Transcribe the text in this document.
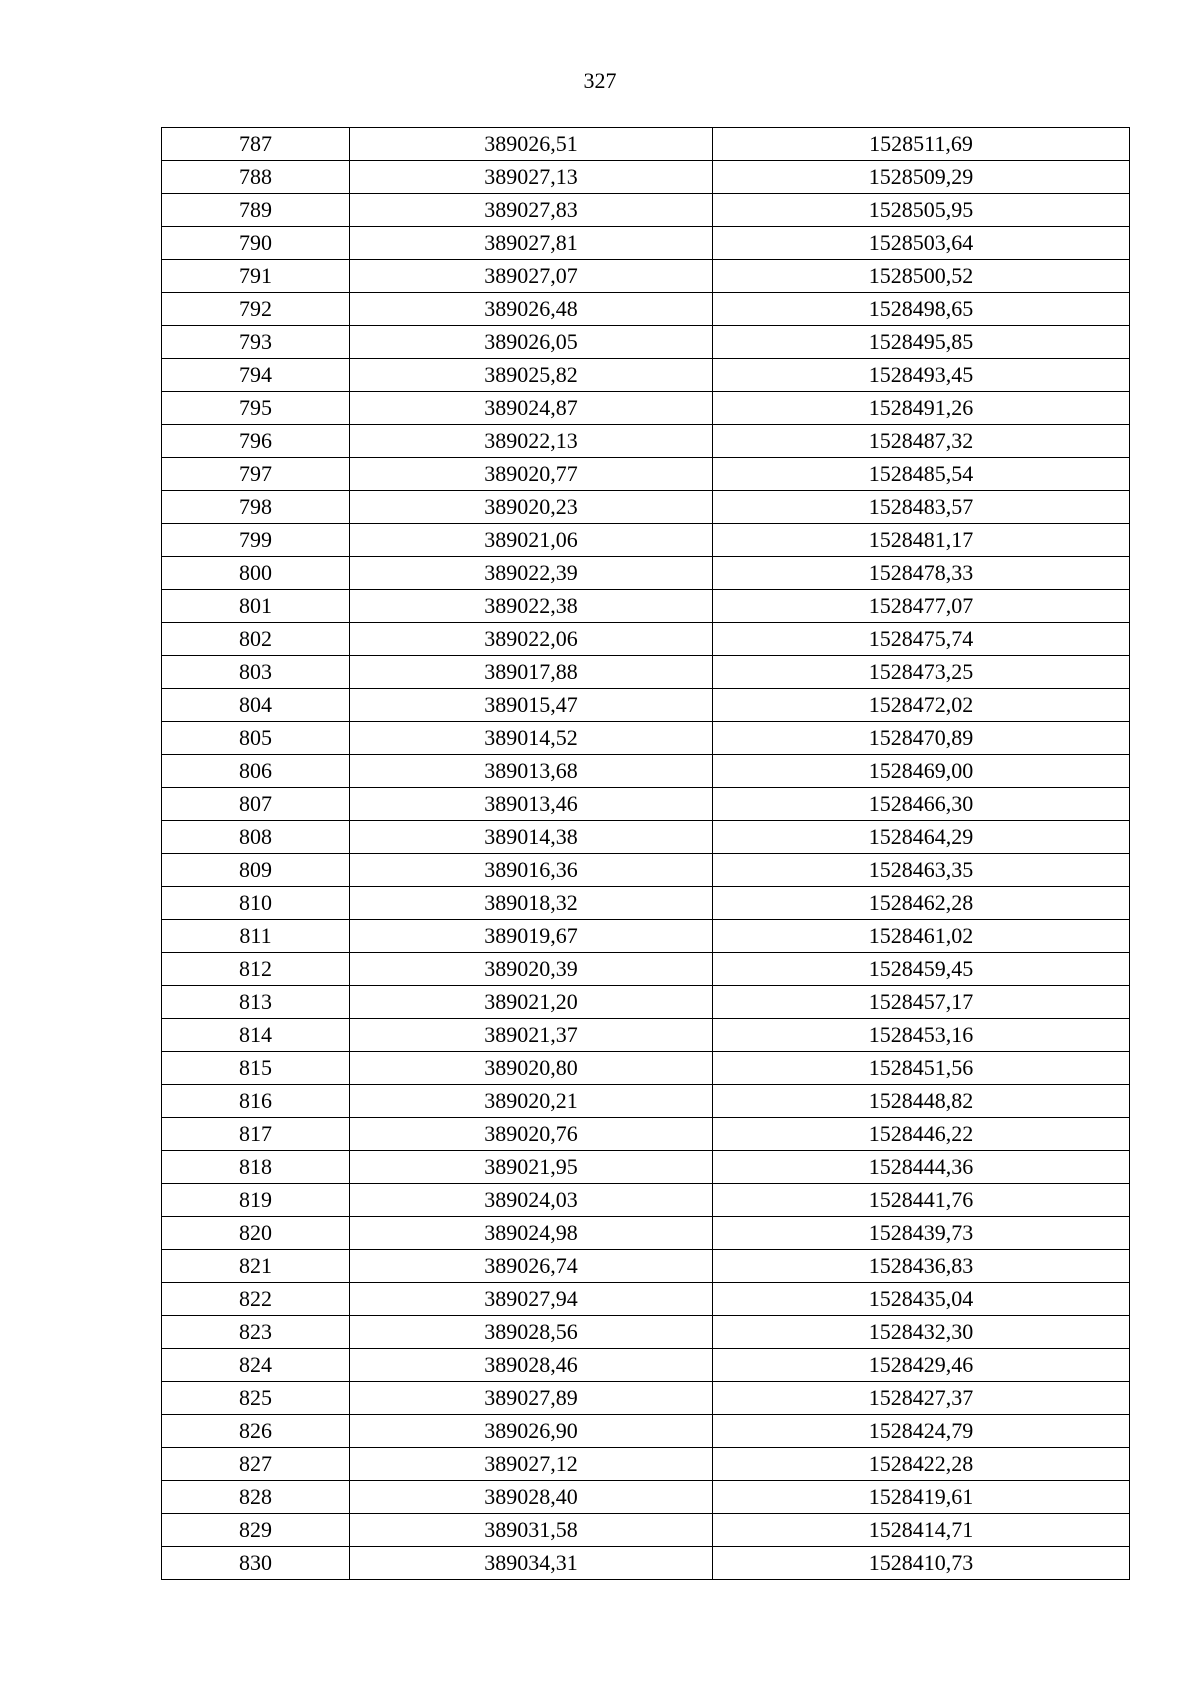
327
787	389026,51	1528511,69
788	389027,13	1528509,29
789	389027,83	1528505,95
790	389027,81	1528503,64
791	389027,07	1528500,52
792	389026,48	1528498,65
793	389026,05	1528495,85
794	389025,82	1528493,45
795	389024,87	1528491,26
796	389022,13	1528487,32
797	389020,77	1528485,54
798	389020,23	1528483,57
799	389021,06	1528481,17
800	389022,39	1528478,33
801	389022,38	1528477,07
802	389022,06	1528475,74
803	389017,88	1528473,25
804	389015,47	1528472,02
805	389014,52	1528470,89
806	389013,68	1528469,00
807	389013,46	1528466,30
808	389014,38	1528464,29
809	389016,36	1528463,35
810	389018,32	1528462,28
811	389019,67	1528461,02
812	389020,39	1528459,45
813	389021,20	1528457,17
814	389021,37	1528453,16
815	389020,80	1528451,56
816	389020,21	1528448,82
817	389020,76	1528446,22
818	389021,95	1528444,36
819	389024,03	1528441,76
820	389024,98	1528439,73
821	389026,74	1528436,83
822	389027,94	1528435,04
823	389028,56	1528432,30
824	389028,46	1528429,46
825	389027,89	1528427,37
826	389026,90	1528424,79
827	389027,12	1528422,28
828	389028,40	1528419,61
829	389031,58	1528414,71
830	389034,31	1528410,73
